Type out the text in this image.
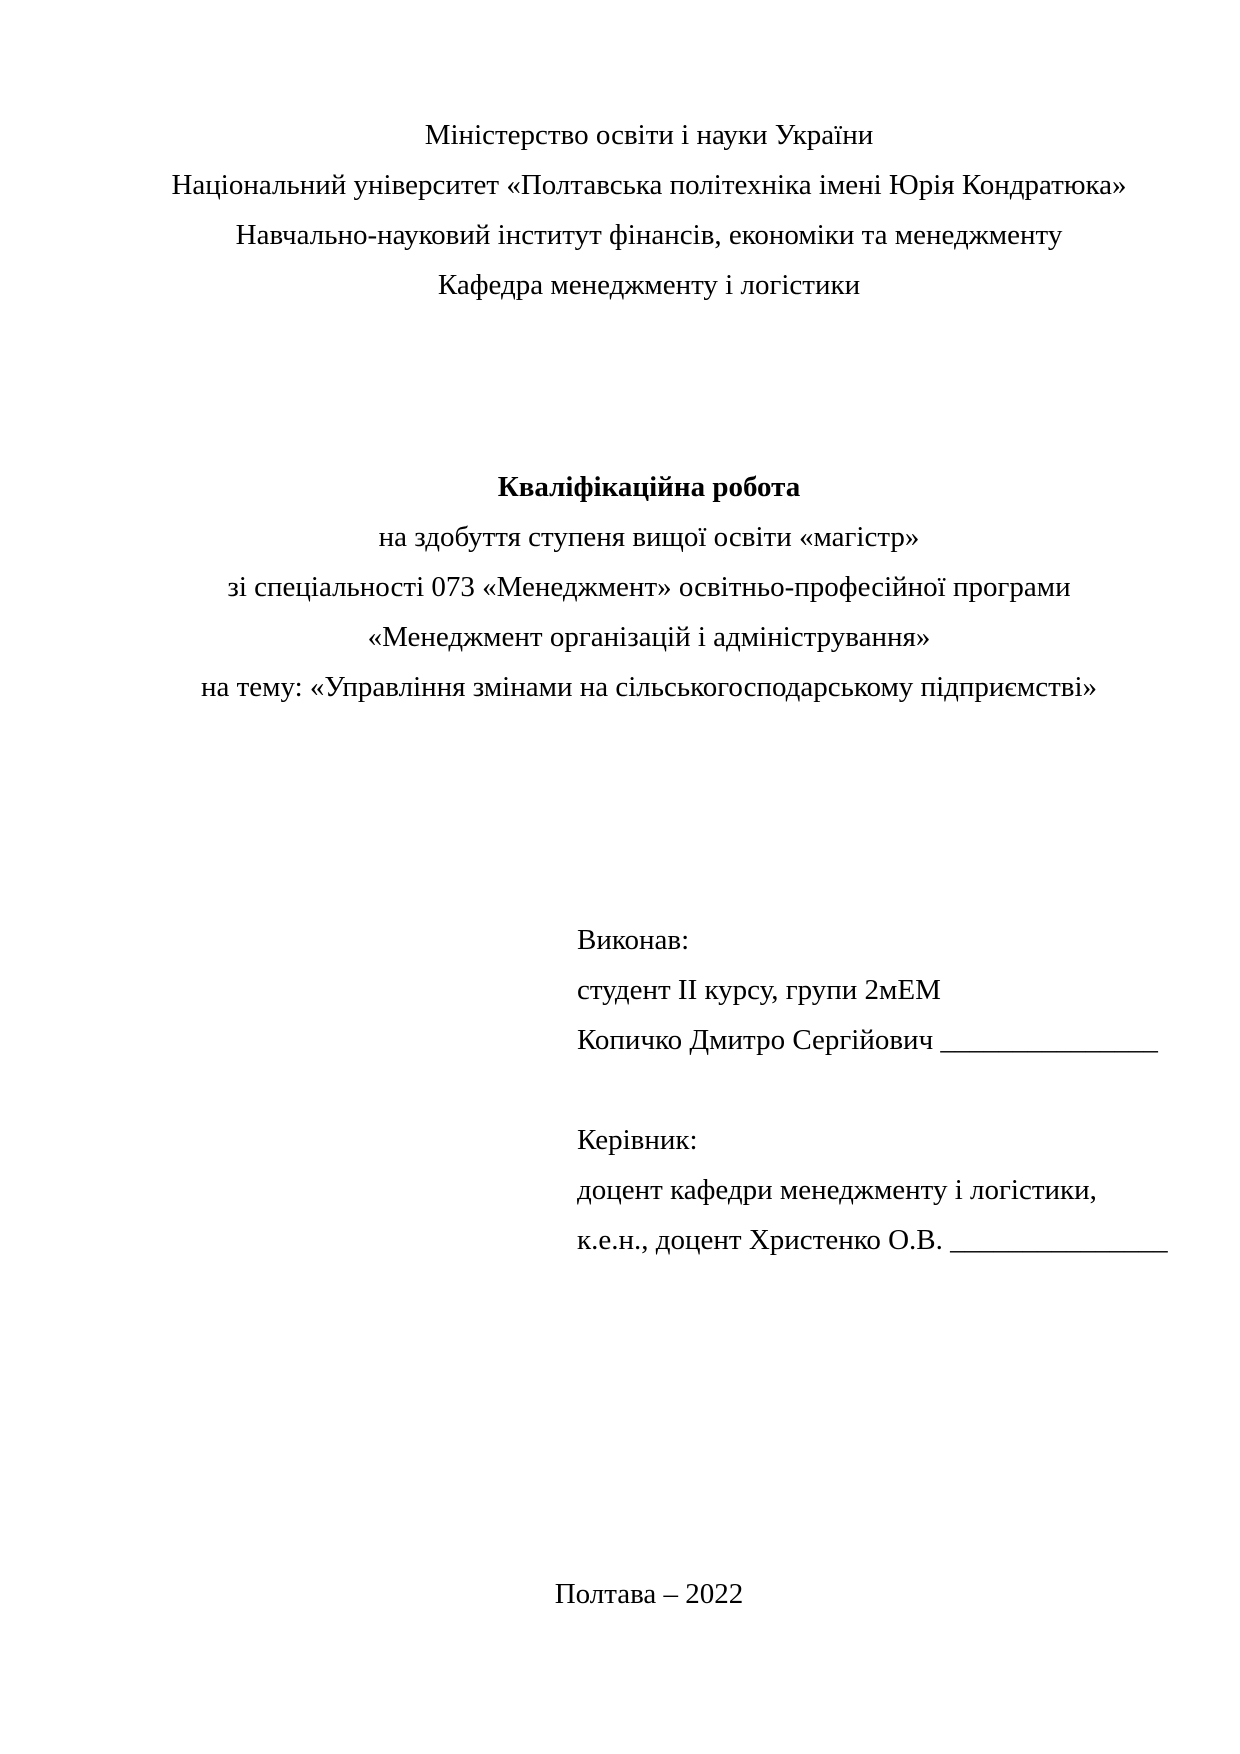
Міністерство освіти і науки України
Національний університет «Полтавська політехніка імені Юрія Кондратюка»
Навчально-науковий інститут фінансів, економіки та менеджменту
Кафедра менеджменту і логістики
Кваліфікаційна робота
на здобуття ступеня вищої освіти «магістр»
зі спеціальності 073 «Менеджмент» освітньо-професійної програми
«Менеджмент організацій і адміністрування»
на тему: «Управління змінами на сільськогосподарському підприємстві»
Виконав:
студент II курсу, групи 2мЕМ
Копичко Дмитро Сергійович _______________
Керівник:
доцент кафедри менеджменту і логістики,
к.е.н., доцент Христенко О.В. _______________
Полтава – 2022
